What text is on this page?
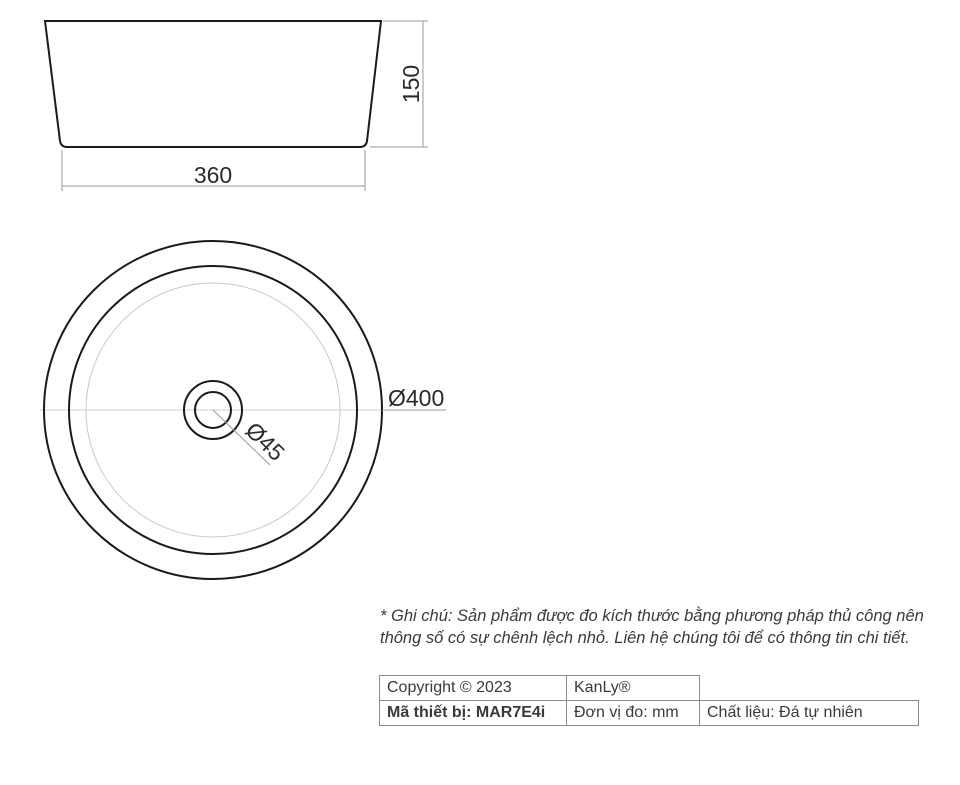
150
360
Ø400
Ø45

* Ghi chú: Sản phẩm được đo kích thước bằng phương pháp thủ công nên thông số có sự chênh lệch nhỏ. Liên hệ chúng tôi để có thông tin chi tiết.

Copyright © 2023	KanLy®	
Mã thiết bị: MAR7E4i	Đơn vị đo: mm	Chất liệu: Đá tự nhiên
